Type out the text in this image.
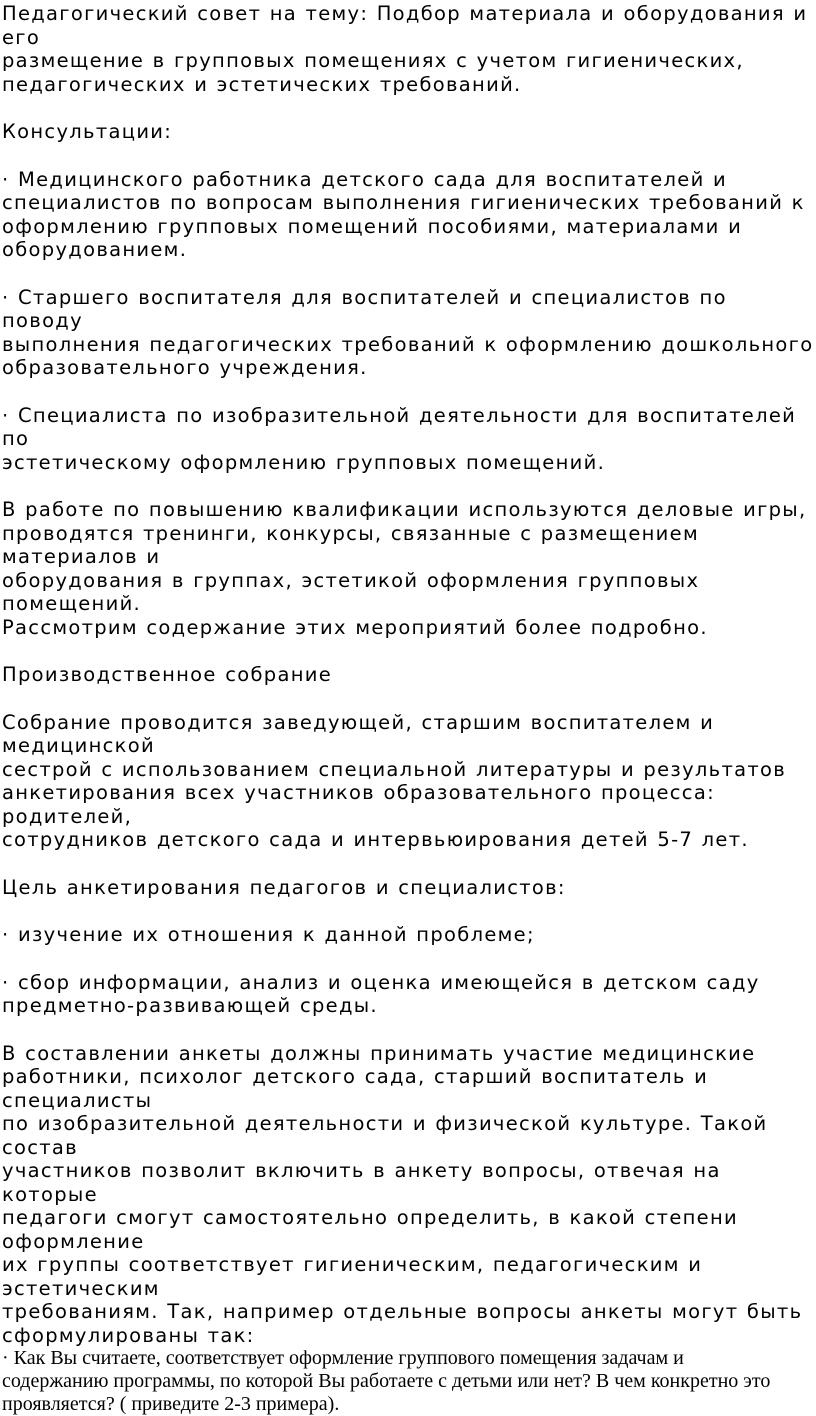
Педагогический совет на тему: Подбор материала и оборудования и его
размещение в групповых помещениях с учетом гигиенических,
педагогических и эстетических требований.

Консультации:

· Медицинского работника детского сада для воспитателей и
специалистов по вопросам выполнения гигиенических требований к
оформлению групповых помещений пособиями, материалами и
оборудованием.

· Старшего воспитателя для воспитателей и специалистов по поводу
выполнения педагогических требований к оформлению дошкольного
образовательного учреждения.

· Специалиста по изобразительной деятельности для воспитателей по
эстетическому оформлению групповых помещений.

В работе по повышению квалификации используются деловые игры,
проводятся тренинги, конкурсы, связанные с размещением материалов и
оборудования в группах, эстетикой оформления групповых помещений.
Рассмотрим содержание этих мероприятий более подробно.

Производственное собрание

Собрание проводится заведующей, старшим воспитателем и медицинской
сестрой с использованием специальной литературы и результатов
анкетирования всех участников образовательного процесса: родителей,
сотрудников детского сада и интервьюирования детей 5-7 лет.

Цель анкетирования педагогов и специалистов:

· изучение их отношения к данной проблеме;

· сбор информации, анализ и оценка имеющейся в детском саду
предметно-развивающей среды.

В составлении анкеты должны принимать участие медицинские
работники, психолог детского сада, старший воспитатель и специалисты
по изобразительной деятельности и физической культуре. Такой состав
участников позволит включить в анкету вопросы, отвечая на которые
педагоги смогут самостоятельно определить, в какой степени оформление
их группы соответствует гигиеническим, педагогическим и эстетическим
требованиям. Так, например отдельные вопросы анкеты могут быть
сформулированы так:

· Как Вы считаете, соответствует оформление группового помещения задачам и
содержанию программы, по которой Вы работаете с детьми или нет? В чем конкретно это
проявляется? ( приведите 2-3 примера).
